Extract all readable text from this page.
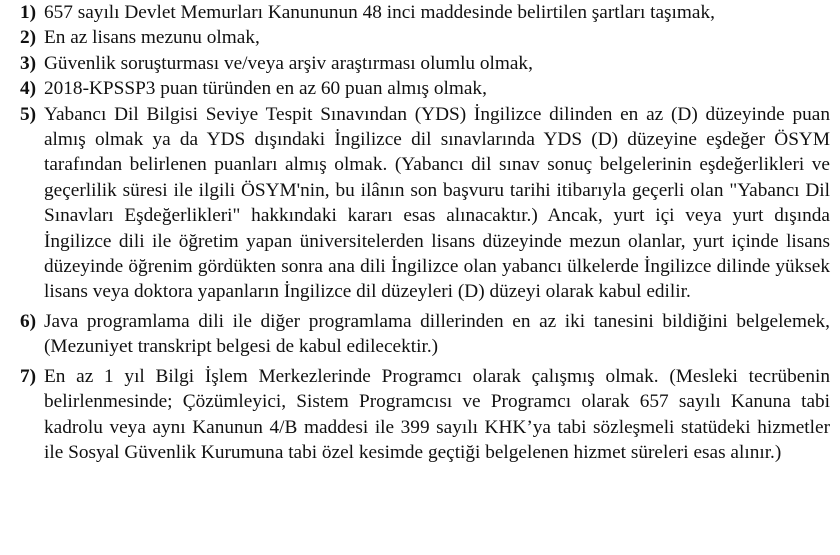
1) 657 sayılı Devlet Memurları Kanununun 48 inci maddesinde belirtilen şartları taşımak,
2) En az lisans mezunu olmak,
3) Güvenlik soruşturması ve/veya arşiv araştırması olumlu olmak,
4) 2018-KPSSP3 puan türünden en az 60 puan almış olmak,
5) Yabancı Dil Bilgisi Seviye Tespit Sınavından (YDS) İngilizce dilinden en az (D) düzeyinde puan almış olmak ya da YDS dışındaki İngilizce dil sınavlarında YDS (D) düzeyine eşdeğer ÖSYM tarafından belirlenen puanları almış olmak. (Yabancı dil sınav sonuç belgelerinin eşdeğerlikleri ve geçerlilik süresi ile ilgili ÖSYM'nin, bu ilânın son başvuru tarihi itibarıyla geçerli olan "Yabancı Dil Sınavları Eşdeğerlikleri" hakkındaki kararı esas alınacaktır.) Ancak, yurt içi veya yurt dışında İngilizce dili ile öğretim yapan üniversitelerden lisans düzeyinde mezun olanlar, yurt içinde lisans düzeyinde öğrenim gördükten sonra ana dili İngilizce olan yabancı ülkelerde İngilizce dilinde yüksek lisans veya doktora yapanların İngilizce dil düzeyleri (D) düzeyi olarak kabul edilir.
6) Java programlama dili ile diğer programlama dillerinden en az iki tanesini bildiğini belgelemek, (Mezuniyet transkript belgesi de kabul edilecektir.)
7) En az 1 yıl Bilgi İşlem Merkezlerinde Programcı olarak çalışmış olmak. (Mesleki tecrübenin belirlenmesinde; Çözümleyici, Sistem Programcısı ve Programcı olarak 657 sayılı Kanuna tabi kadrolu veya aynı Kanunun 4/B maddesi ile 399 sayılı KHK’ya tabi sözleşmeli statüdeki hizmetler ile Sosyal Güvenlik Kurumuna tabi özel kesimde geçtiği belgelenen hizmet süreleri esas alınır.)
